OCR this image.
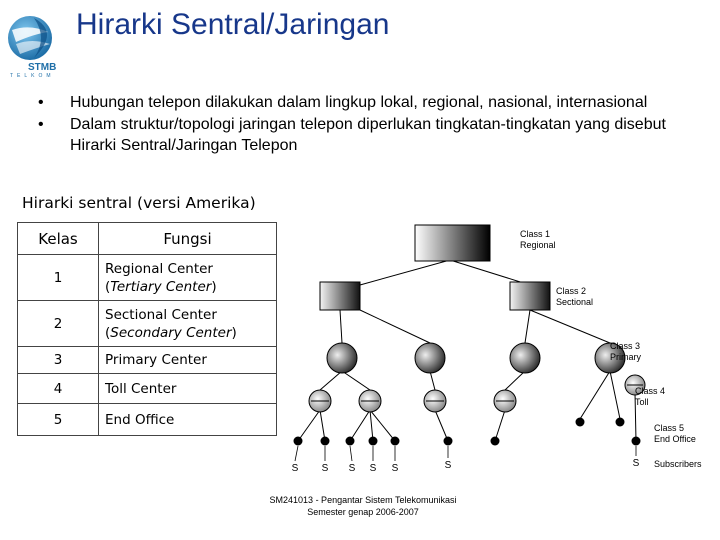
STMB
TELKOM
Hirarki Sentral/Jaringan
• Hubungan telepon dilakukan dalam lingkup lokal, regional, nasional, internasional
• Dalam struktur/topologi jaringan telepon diperlukan tingkatan-tingkatan yang disebut Hirarki Sentral/Jaringan Telepon
Hirarki sentral (versi Amerika)
Kelas	Fungsi
1	Regional Center
(Tertiary Center)
2	Sectional Center
(Secondary Center)
3	Primary Center
4	Toll Center
5	End Office
S S S S S	S	S
Class 1
Regional
Class 2
Sectional
Class 3
Primary
Class 4
Toll
Class 5
End Office
Subscribers
SM241013 - Pengantar Sistem Telekomunikasi
Semester genap 2006-2007
